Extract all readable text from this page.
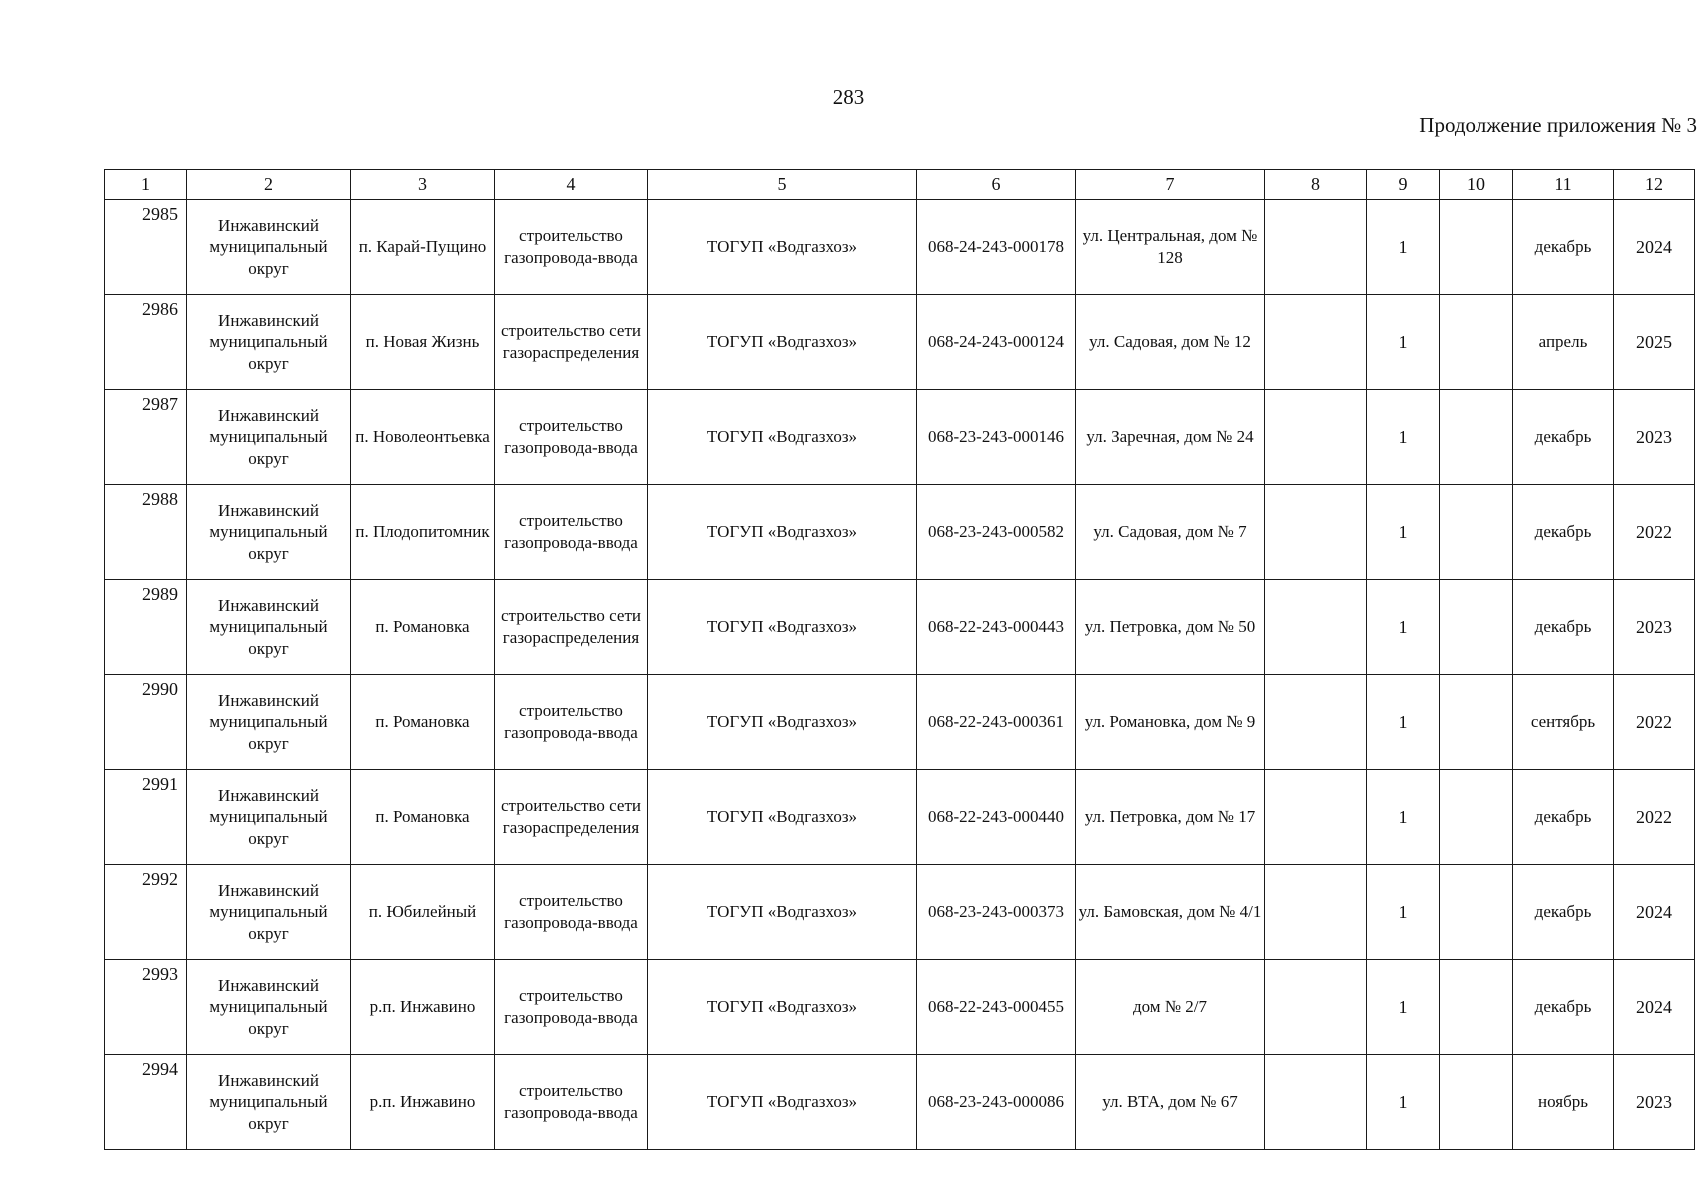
283
Продолжение приложения № 3
1	2	3	4	5	6	7	8	9	10	11	12
2985	Инжавинский муниципальный округ	п. Карай-Пущино	строительство газопровода-ввода	ТОГУП «Водгазхоз»	068-24-243-000178	ул. Центральная, дом № 128		1		декабрь	2024
2986	Инжавинский муниципальный округ	п. Новая Жизнь	строительство сети газораспределения	ТОГУП «Водгазхоз»	068-24-243-000124	ул. Садовая, дом № 12		1		апрель	2025
2987	Инжавинский муниципальный округ	п. Новолеонтьевка	строительство газопровода-ввода	ТОГУП «Водгазхоз»	068-23-243-000146	ул. Заречная, дом № 24		1		декабрь	2023
2988	Инжавинский муниципальный округ	п. Плодопитомник	строительство газопровода-ввода	ТОГУП «Водгазхоз»	068-23-243-000582	ул. Садовая, дом № 7		1		декабрь	2022
2989	Инжавинский муниципальный округ	п. Романовка	строительство сети газораспределения	ТОГУП «Водгазхоз»	068-22-243-000443	ул. Петровка, дом № 50		1		декабрь	2023
2990	Инжавинский муниципальный округ	п. Романовка	строительство газопровода-ввода	ТОГУП «Водгазхоз»	068-22-243-000361	ул. Романовка, дом № 9		1		сентябрь	2022
2991	Инжавинский муниципальный округ	п. Романовка	строительство сети газораспределения	ТОГУП «Водгазхоз»	068-22-243-000440	ул. Петровка, дом № 17		1		декабрь	2022
2992	Инжавинский муниципальный округ	п. Юбилейный	строительство газопровода-ввода	ТОГУП «Водгазхоз»	068-23-243-000373	ул. Бамовская, дом № 4/1		1		декабрь	2024
2993	Инжавинский муниципальный округ	р.п. Инжавино	строительство газопровода-ввода	ТОГУП «Водгазхоз»	068-22-243-000455	дом № 2/7		1		декабрь	2024
2994	Инжавинский муниципальный округ	р.п. Инжавино	строительство газопровода-ввода	ТОГУП «Водгазхоз»	068-23-243-000086	ул. ВТА, дом № 67		1		ноябрь	2023
